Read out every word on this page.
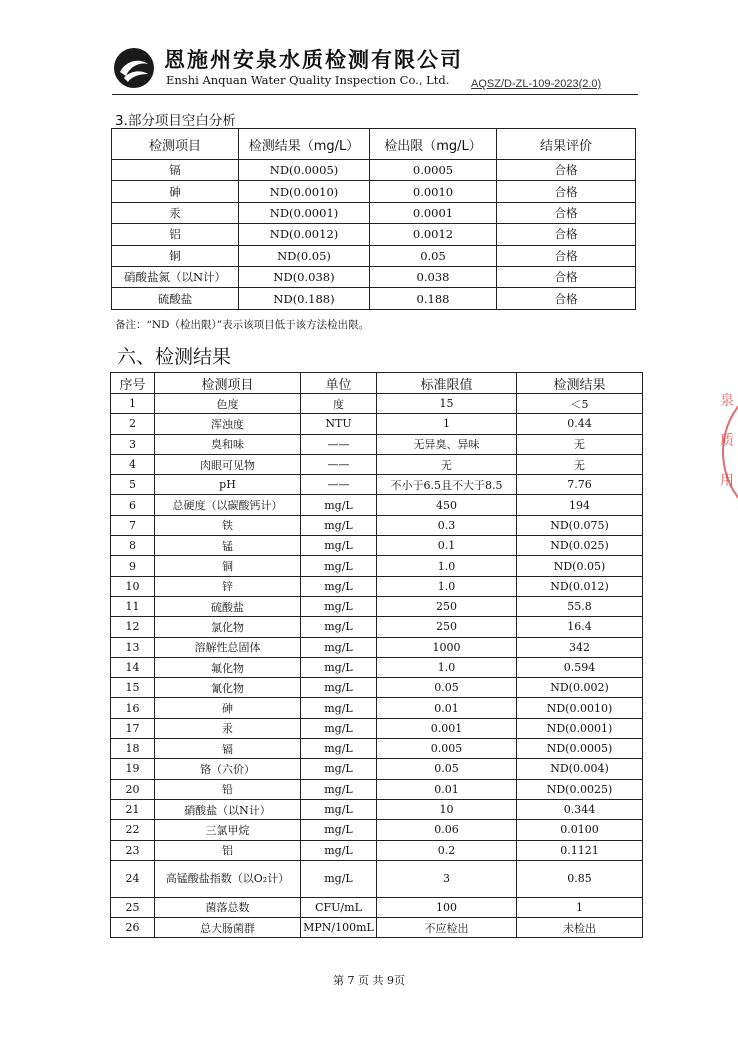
恩施州安泉水质检测有限公司
Enshi Anquan Water Quality Inspection Co., Ltd. AQSZ/D-ZL-109-2023(2.0)
3.部分项目空白分析
检测项目	检测结果（mg/L）	检出限（mg/L）	结果评价
镉	ND(0.0005)	0.0005	合格
砷	ND(0.0010)	0.0010	合格
汞	ND(0.0001)	0.0001	合格
铝	ND(0.0012)	0.0012	合格
铜	ND(0.05)	0.05	合格
硝酸盐氮（以N计）	ND(0.038)	0.038	合格
硫酸盐	ND(0.188)	0.188	合格
备注：“ND（检出限）”表示该项目低于该方法检出限。
六、检测结果
序号	检测项目	单位	标准限值	检测结果
1	色度	度	15	＜5
2	浑浊度	NTU	1	0.44
3	臭和味	——	无异臭、异味	无
4	肉眼可见物	——	无	无
5	pH	——	不小于6.5且不大于8.5	7.76
6	总硬度（以碳酸钙计）	mg/L	450	194
7	铁	mg/L	0.3	ND(0.075)
8	锰	mg/L	0.1	ND(0.025)
9	铜	mg/L	1.0	ND(0.05)
10	锌	mg/L	1.0	ND(0.012)
11	硫酸盐	mg/L	250	55.8
12	氯化物	mg/L	250	16.4
13	溶解性总固体	mg/L	1000	342
14	氟化物	mg/L	1.0	0.594
15	氰化物	mg/L	0.05	ND(0.002)
16	砷	mg/L	0.01	ND(0.0010)
17	汞	mg/L	0.001	ND(0.0001)
18	镉	mg/L	0.005	ND(0.0005)
19	铬（六价）	mg/L	0.05	ND(0.004)
20	铅	mg/L	0.01	ND(0.0025)
21	硝酸盐（以N计）	mg/L	10	0.344
22	三氯甲烷	mg/L	0.06	0.0100
23	铝	mg/L	0.2	0.1121
24	高锰酸盐指数（以O₂计）	mg/L	3	0.85
25	菌落总数	CFU/mL	100	1
26	总大肠菌群	MPN/100mL	不应检出	未检出
第 7 页 共 9页
泉
质
用
